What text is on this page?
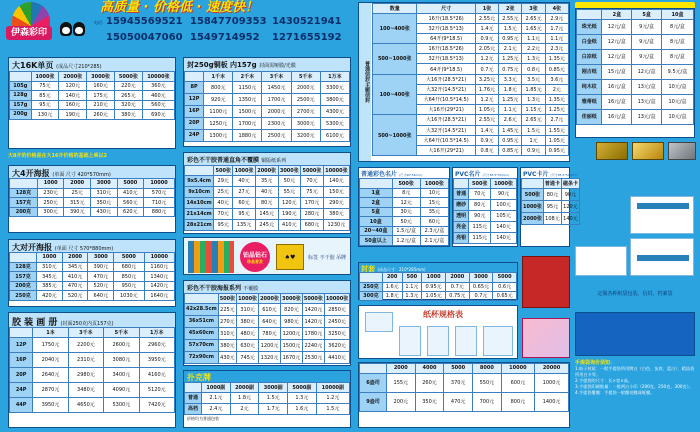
伊森彩印
高质量 · 价格低 · 速度快！
电话： 15945569521 15847709353 1430521941
15050047060 1549714952 1271655192
大16K单页 (成品尺寸210*285)
	1000张	2000张	3000张	5000张	10000张
105g	75元	120元	160元	220元	360元
128g	85元	140元	175元	265元	460元
157g	95元	160元	210元	320元	560元
200g	130元	190元	260元	380元	690元
大8开的价格是在大16开价格的基础上乘以2
大4开海报 (单面 尺寸 420*570mm)
	1000	2000	3000	5000	10000
128克	230元	25元	310元	410元	570元
157克	250元	315元	350元	560元	710元
200克	300元	390元	430元	620元	880元
大对开海报 (单面 尺寸 570*880mm)
	1000	2000	3000	5000	10000
128克	310元	345元	390元	680元	1160元
157克	345元	410元	470元	850元	1340元
200克	385元	470元	520元	950元	1420元
250克	420元	520元	640元	1030元	1640元
胶 装 画 册 (封面250克内页157克)
	1本	3千本	5千本	1万本
12P	1750元	2200元	2600元	2960元
16P	2040元	2310元	3080元	3950元
20P	2640元	2980元	3400元	4160元
24P	2870元	3480元	4090元	5120元
44P	3950元	4650元	5300元	7420元
封250g铜板 内157g 封面需哑膜/光膜
	1千本	2千本	3千本	5千本	1万本
8P	800元	1150元	1450元	2000元	3300元
12P	920元	1350元	1700元	2500元	3800元
16P	1100元	1500元	2000元	2700元	4300元
20P	1250元	1700元	2300元	3000元	5300元
24P	1300元	1880元	2500元	3200元	6100元
彩色不干胶普通直角不覆膜 铜版纸系列
	500张	1000张	2000张	3000张	5000张	10000张
9x5.4cm	29元	40元	35元	50元	70元	140元
9x10cm	25元	27元	40元	55元	75元	150元
14x10cm	40元	60元	80元	120元	170元	290元
21x14cm	70元	95元	145元	190元	280元	380元
28x21cm	95元	135元	245元	410元	680元	1230元
铂晶钻石
珍品首发
♠♥	标签 不干胶 吊牌
彩色不干胶海报系列 不覆膜
	500张	1000张	2000张	3000张	5000张	10000张
42x28.5cm	225元	310元	610元	820元	1420元	2850元
36x51cm	270元	380元	640元	980元	1420元	2450元
45x60cm	310元	480元	780元	1200元	1780元	3250元
57x70cm	380元	630元	1200元	1500元	2240元	3620元
72x90cm	430元	745元	1320元	1670元	2530元	4410元
扑克牌
	1000副	2000副	3000副	5000副	10000副
普通	2.1元	1.8元	1.5元	1.3元	1.2元
高档	2.4元	2元	1.7元	1.6元	1.5元
价格均为普通包装
普通信封/主题信封
数量	尺寸	1张	2张	3张	4张
100~400张	16开(18.5*26)	2.55元	2.55元	2.65元	2.9元
	32开(18.5*13)	1.4元	1.5元	1.65元	1.7元
	64开(9*18.5)	0.9元	0.95元	1.1元	1.1元
500~1000张	16开(18.5*26)	2.05元	2.1元	2.2元	2.3元
	32开(18.5*13)	1.2元	1.25元	1.3元	1.35元
	64开(9*18.5)	0.7元	0.75元	0.8元	0.85元
100~400张	大16开(28.5*21)	3.25元	3.3元	3.5元	3.6元
	大32开(14.5*21)	1.76元	1.8元	1.85元	2元
	大64开(10.5*14.5)	1.2元	1.25元	1.3元	1.35元
	大16开(29*21)	1.05元	1.1元	1.15元	1.25元
500~1000张	大16开(28.5*21)	2.55元	2.6元	2.65元	2.7元
	大32开(14.5*21)	1.4元	1.45元	1.5元	1.55元
	大64开(10.5*14.5)	0.9元	0.95元	1元	1.05元
	大16开(29*21)	0.8元	0.85元	0.9元	0.95元
普通彩色名片 (尺寸90*54mm)
	500张	1000张
1盒	8元	10元
2盒	12元	15元
5盒	30元	35元
10盒	50元	60元
20~40盒	1.5元/盒	2.3元/盒
50盒以上	1.2元/盒	2.1元/盒
PVC名片 (尺寸85.5*54mm)
	500张	1000张
普通	70元	90元
磨砂	80元	100元
透明	90元	105元
亮金	115元	140元
亮银	115元	140元
PVC卡片 (尺寸85.5*54mm)
	普通卡	磁条卡
500张	80元	90元
1000张	95元	120元
2000张	108元	140元
封套 (成品尺寸：210*285mm)
	200	500	1000	2000	3000	5000
250克	1.6元	1.1元	0.95元	0.7元	0.65元	0.6元
300克	1.8元	1.3元	1.05元	0.75元	0.7元	0.65元
纸杯规格表
	2000	4000	5000	8000	10000	20000
6盎司	155元	260元	370元	550元	600元	1000元
9盎司	200元	350元	470元	700元	800元	1400元
	2盒	5盒	10盒
珠光纸	12元/盒	9元/盒	8元/盒
白金纸	12元/盒	9元/盒	8元/盒
白凉纸	12元/盒	9元/盒	8元/盒
刚古纸	15元/盒	12元/盒	9.5元/盒
纯木纹	16元/盒	13元/盒	10元/盒
雅蒂纸	16元/盒	13元/盒	10元/盒
佳丽纸	16元/盒	13元/盒	10元/盒
定做各种纸袋包装、信封、档案袋
手提袋询价须知：
1.纸子材质：一般手提袋所用牌白（白色、灰底、蓝白）、精品袋所用白卡等。
2.手提袋的尺寸：长×宽×高。
3.手提袋印刷数量：一般两台小印（200克、250克、300克）。
4.手提袋覆膜：手提袋一般覆亮膜或哑膜。
